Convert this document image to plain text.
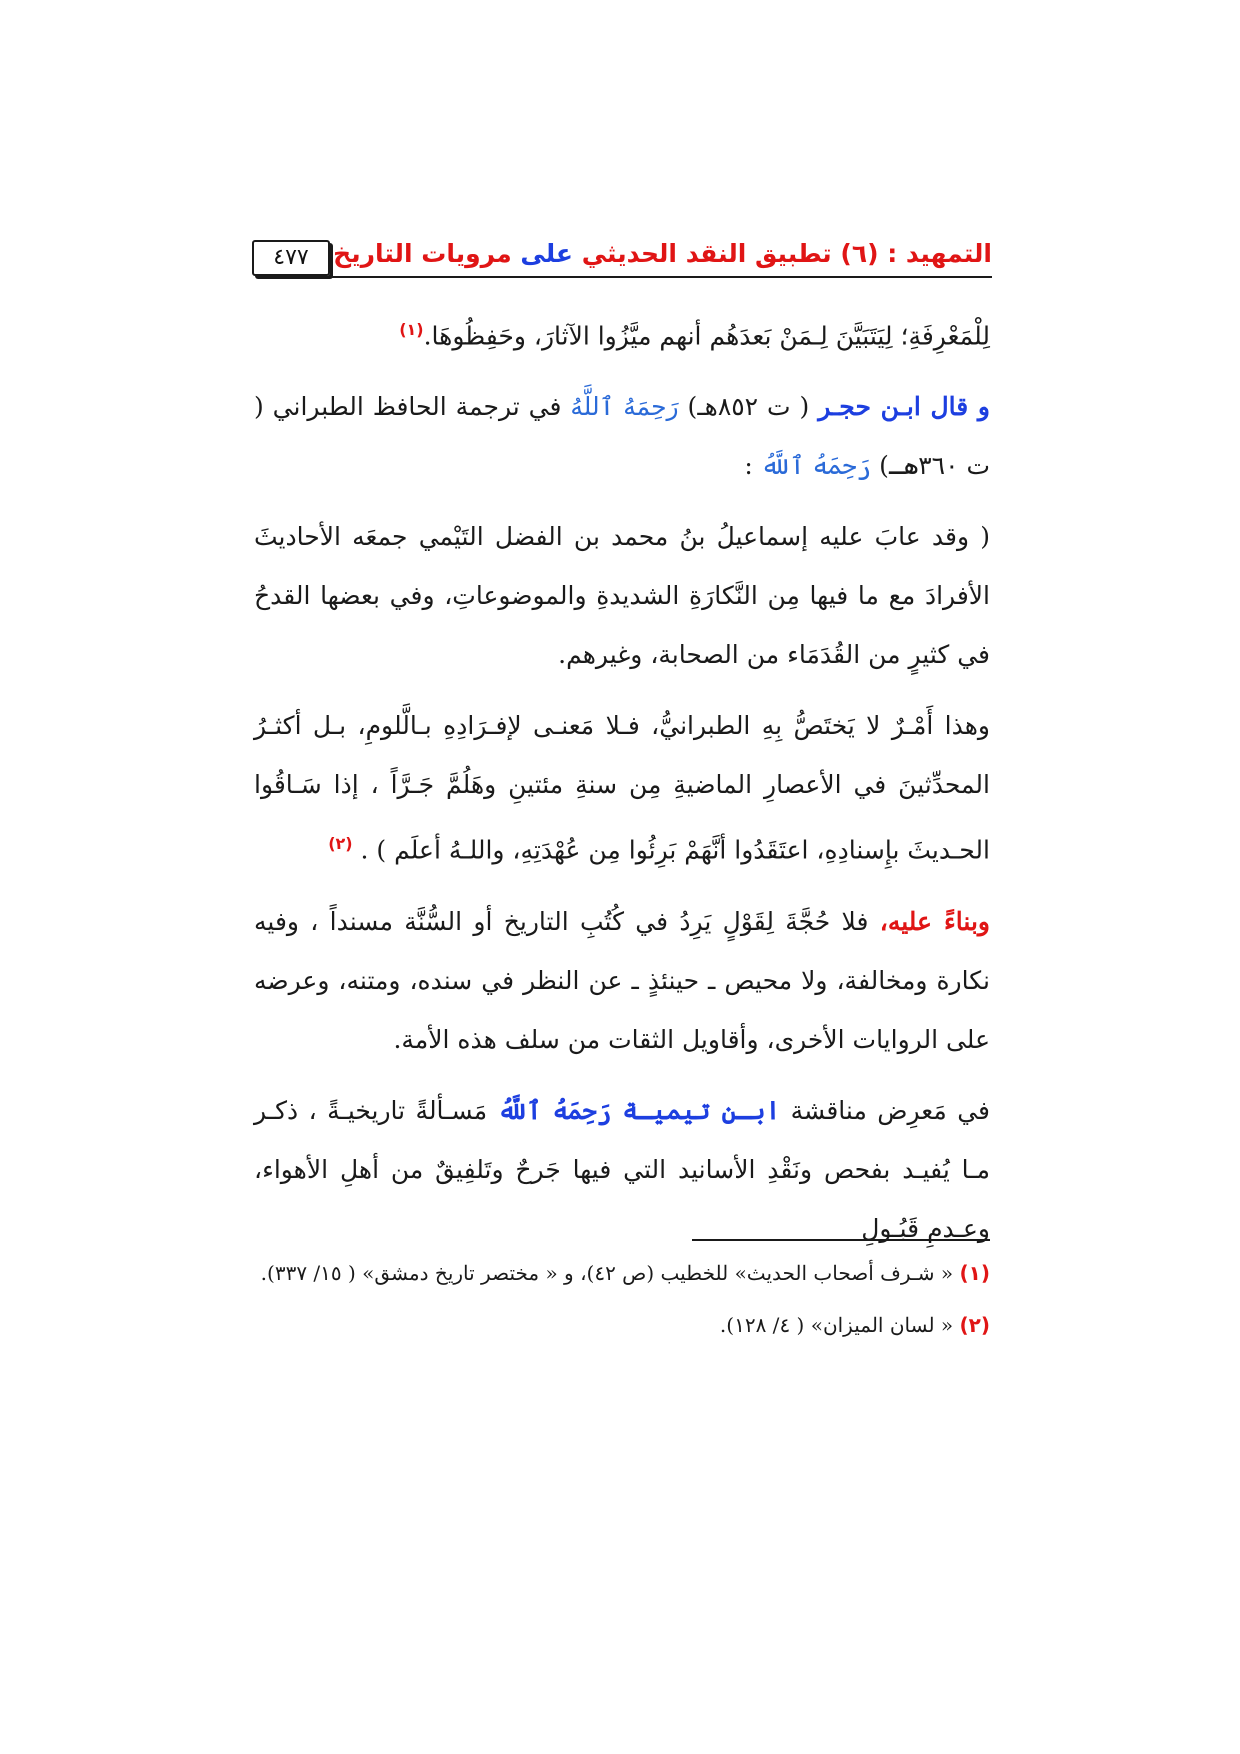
٤٧٧	التمهيد : (٦) تطبيق النقد الحديثي على مرويات التاريخ

لِلْمَعْرِفَةِ؛ لِيَتَبَيَّنَ لِـمَنْ بَعدَهُم أنهم ميَّزُوا الآثارَ، وحَفِظُوهَا.$^{(١)}$

و قال ابـن حجـر ( ت ٨٥٢هـ) رَحِمَهُ ٱللَّهُ في ترجمة الحافظ الطبراني ( ت ٣٦٠هـ) رَحِمَهُ ٱللَّهُ :

( وقد عابَ عليه إسماعيلُ بنُ محمد بن الفضل التَيْمي جمعَه الأحاديثَ الأفرادَ مع ما فيها مِن النَّكارَةِ الشديدةِ والموضوعاتِ، وفي بعضها القدحُ في كثيرٍ من القُدَمَاء من الصحابة، وغيرهم.

وهذا أَمْـرٌ لا يَختَصُّ بِهِ الطبرانيُّ، فـلا مَعنـى لإفـرَادِهِ بـالَّلومِ، بـل أكثـرُ المحدِّثينَ في الأعصارِ الماضيةِ مِن سنةِ مئتينِ وهَلُمَّ جَـرَّاً ، إذا سَـاقُوا الحـديثَ بإِسنادِهِ، اعتَقَدُوا أنَّهَمْ بَرِئُوا مِن عُهْدَتِهِ، واللـهُ أعلَم ) . $^{(٢)}$

وبناءً عليه، فلا حُجَّةَ لِقَوْلٍ يَرِدُ في كُتُبِ التاريخ أو السُّنَّة مسنداً ، وفيه نكارة ومخالفة، ولا محيص ـ حينئذٍ ـ عن النظر في سنده، ومتنه، وعرضه على الروايات الأخرى، وأقاويل الثقات من سلف هذه الأمة.

في مَعرِض مناقشة ابـن تيميـة رَحِمَهُ ٱللَّهُ مَسـألةً تاريخيـةً ، ذكـر مـا يُفيـد بفحص ونَقْدِ الأسانيد التي فيها جَرحٌ وتَلفِيقٌ من أهلِ الأهواء، وعـدمِ قَبُـولِ

(١) « شـرف أصحاب الحديث» للخطيب (ص ٤٢)، و « مختصر تاريخ دمشق» ( ١٥/ ٣٣٧).

(٢) « لسان الميزان» ( ٤/ ١٢٨).
